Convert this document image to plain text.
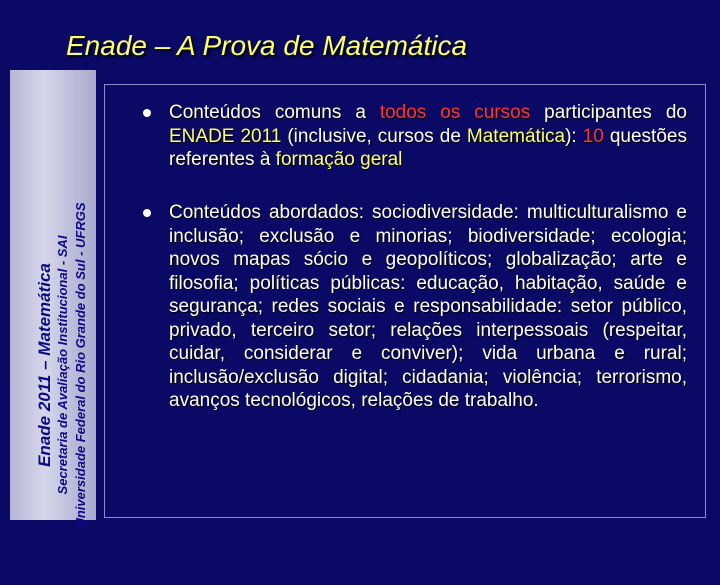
Enade – A Prova de Matemática
Enade 2011 – Matemática Secretaria de Avaliação Institucional - SAI Universidade Federal do Rio Grande do Sul - UFRGS
Conteúdos comuns a todos os cursos participantes do ENADE 2011 (inclusive, cursos de Matemática): 10 questões referentes à formação geral
Conteúdos abordados: sociodiversidade: multiculturalismo e inclusão; exclusão e minorias; biodiversidade; ecologia; novos mapas sócio e geopolíticos; globalização; arte e filosofia; políticas públicas: educação, habitação, saúde e segurança; redes sociais e responsabilidade: setor público, privado, terceiro setor; relações interpessoais (respeitar, cuidar, considerar e conviver); vida urbana e rural; inclusão/exclusão digital; cidadania; violência; terrorismo, avanços tecnológicos, relações de trabalho.
